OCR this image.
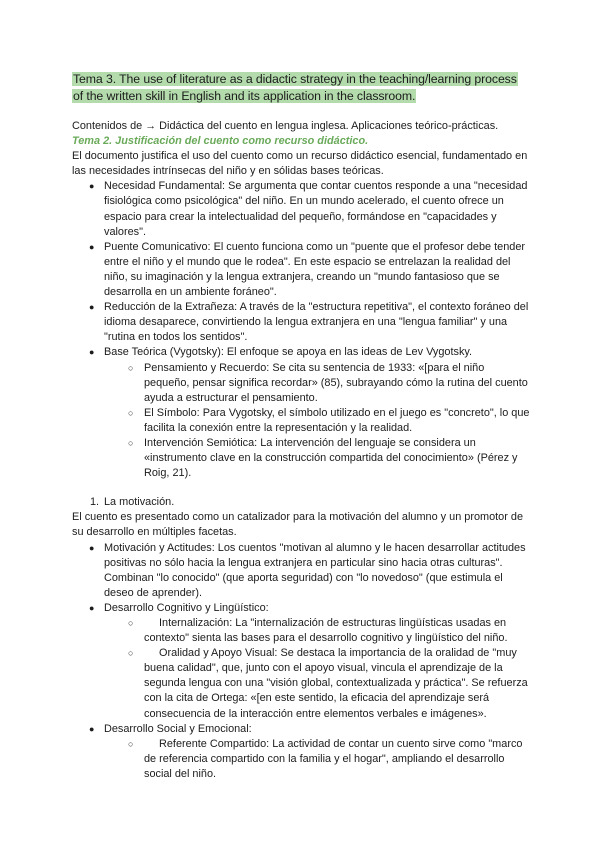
Tema 3. The use of literature as a didactic strategy in the teaching/learning process
of the written skill in English and its application in the classroom.

Contenidos de → Didáctica del cuento en lengua inglesa. Aplicaciones teórico-prácticas.

Tema 2. Justificación del cuento como recurso didáctico.

El documento justifica el uso del cuento como un recurso didáctico esencial, fundamentado en las necesidades intrínsecas del niño y en sólidas bases teóricas.

● Necesidad Fundamental: Se argumenta que contar cuentos responde a una "necesidad fisiológica como psicológica" del niño. En un mundo acelerado, el cuento ofrece un espacio para crear la intelectualidad del pequeño, formándose en "capacidades y valores".
● Puente Comunicativo: El cuento funciona como un "puente que el profesor debe tender entre el niño y el mundo que le rodea". En este espacio se entrelazan la realidad del niño, su imaginación y la lengua extranjera, creando un "mundo fantasioso que se desarrolla en un ambiente foráneo".
● Reducción de la Extrañeza: A través de la "estructura repetitiva", el contexto foráneo del idioma desaparece, convirtiendo la lengua extranjera en una "lengua familiar" y una "rutina en todos los sentidos".
● Base Teórica (Vygotsky): El enfoque se apoya en las ideas de Lev Vygotsky.
○ Pensamiento y Recuerdo: Se cita su sentencia de 1933: «[para el niño pequeño, pensar significa recordar» (85), subrayando cómo la rutina del cuento ayuda a estructurar el pensamiento.
○ El Símbolo: Para Vygotsky, el símbolo utilizado en el juego es "concreto", lo que facilita la conexión entre la representación y la realidad.
○ Intervención Semiótica: La intervención del lenguaje se considera un «instrumento clave en la construcción compartida del conocimiento» (Pérez y Roig, 21).
1. La motivación.

El cuento es presentado como un catalizador para la motivación del alumno y un promotor de su desarrollo en múltiples facetas.

● Motivación y Actitudes: Los cuentos "motivan al alumno y le hacen desarrollar actitudes positivas no sólo hacia la lengua extranjera en particular sino hacia otras culturas". Combinan "lo conocido" (que aporta seguridad) con "lo novedoso" (que estimula el deseo de aprender).
● Desarrollo Cognitivo y Lingüístico:
○ Internalización: La "internalización de estructuras lingüísticas usadas en contexto" sienta las bases para el desarrollo cognitivo y lingüístico del niño.
○ Oralidad y Apoyo Visual: Se destaca la importancia de la oralidad de "muy buena calidad", que, junto con el apoyo visual, vincula el aprendizaje de la segunda lengua con una "visión global, contextualizada y práctica". Se refuerza con la cita de Ortega: «[en este sentido, la eficacia del aprendizaje será consecuencia de la interacción entre elementos verbales e imágenes».
● Desarrollo Social y Emocional:
○ Referente Compartido: La actividad de contar un cuento sirve como "marco de referencia compartido con la familia y el hogar", ampliando el desarrollo social del niño.
